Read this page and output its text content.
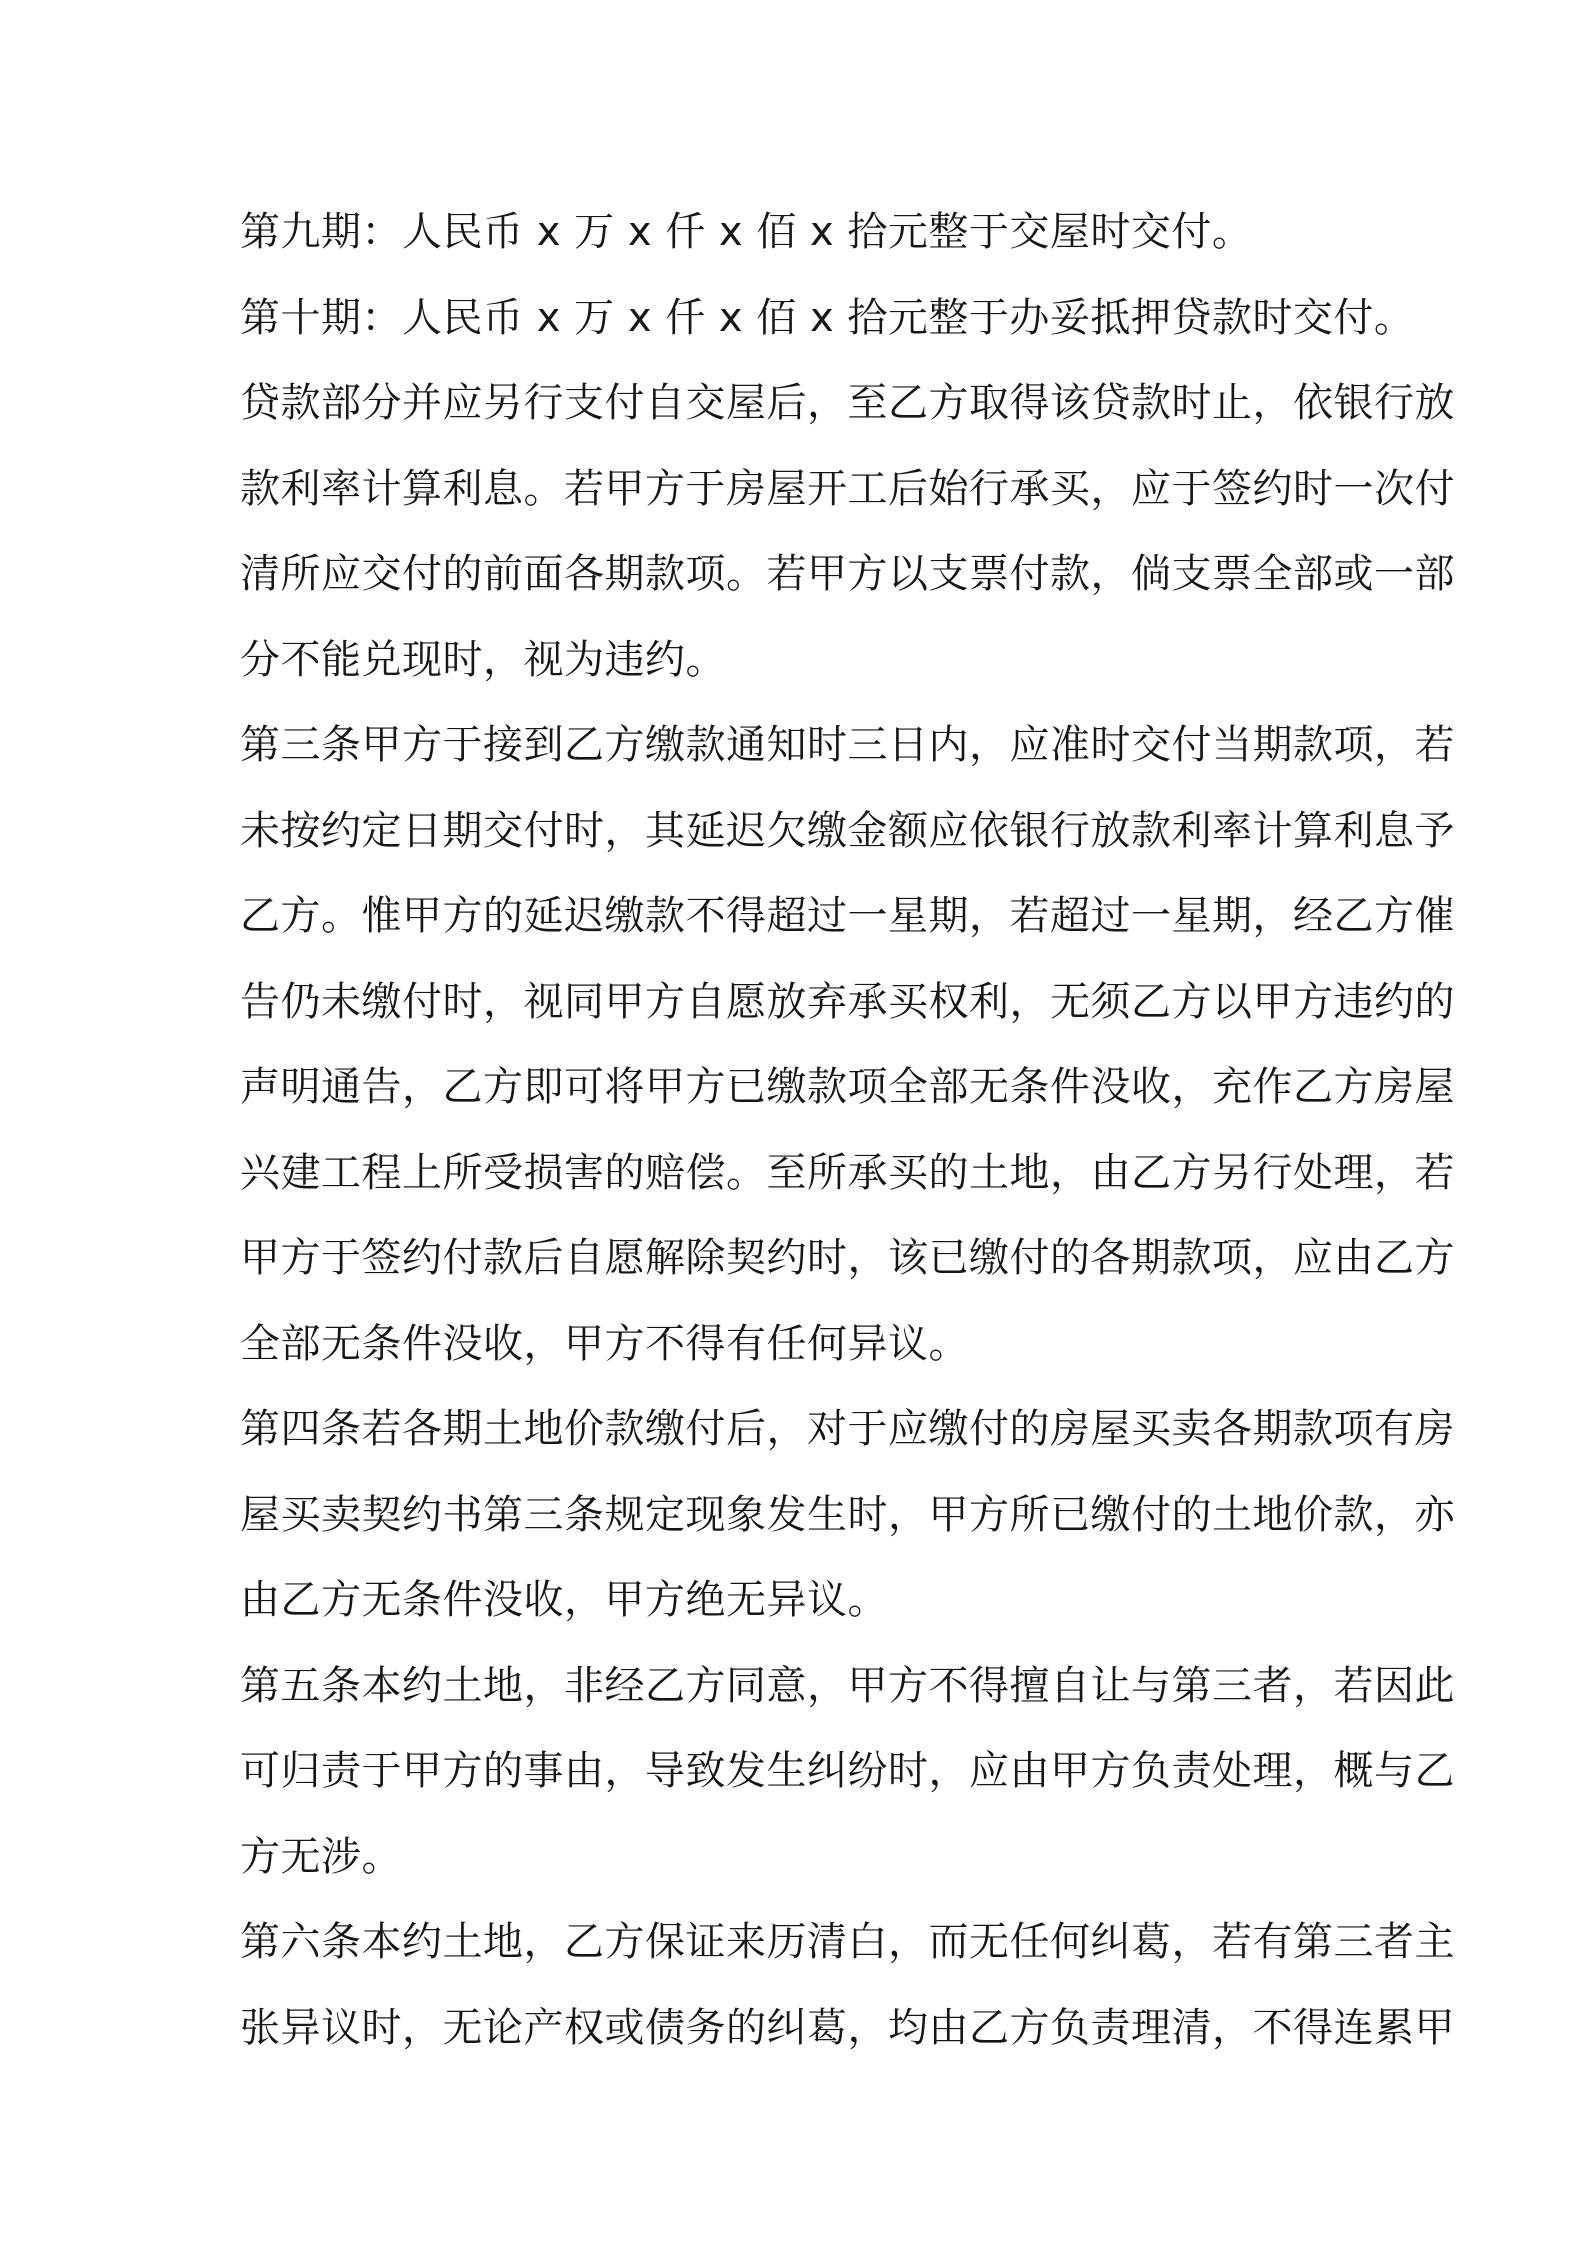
第九期：人民币 x 万 x 仟 x 佰 x 拾元整于交屋时交付。
第十期：人民币 x 万 x 仟 x 佰 x 拾元整于办妥抵押贷款时交付。
贷款部分并应另行支付自交屋后，至乙方取得该贷款时止，依银行放
款利率计算利息。若甲方于房屋开工后始行承买，应于签约时一次付
清所应交付的前面各期款项。若甲方以支票付款，倘支票全部或一部
分不能兑现时，视为违约。
第三条甲方于接到乙方缴款通知时三日内，应准时交付当期款项，若
未按约定日期交付时，其延迟欠缴金额应依银行放款利率计算利息予
乙方。惟甲方的延迟缴款不得超过一星期，若超过一星期，经乙方催
告仍未缴付时，视同甲方自愿放弃承买权利，无须乙方以甲方违约的
声明通告，乙方即可将甲方已缴款项全部无条件没收，充作乙方房屋
兴建工程上所受损害的赔偿。至所承买的土地，由乙方另行处理，若
甲方于签约付款后自愿解除契约时，该已缴付的各期款项，应由乙方
全部无条件没收，甲方不得有任何异议。
第四条若各期土地价款缴付后，对于应缴付的房屋买卖各期款项有房
屋买卖契约书第三条规定现象发生时，甲方所已缴付的土地价款，亦
由乙方无条件没收，甲方绝无异议。
第五条本约土地，非经乙方同意，甲方不得擅自让与第三者，若因此
可归责于甲方的事由，导致发生纠纷时，应由甲方负责处理，概与乙
方无涉。
第六条本约土地，乙方保证来历清白，而无任何纠葛，若有第三者主
张异议时，无论产权或债务的纠葛，均由乙方负责理清，不得连累甲
